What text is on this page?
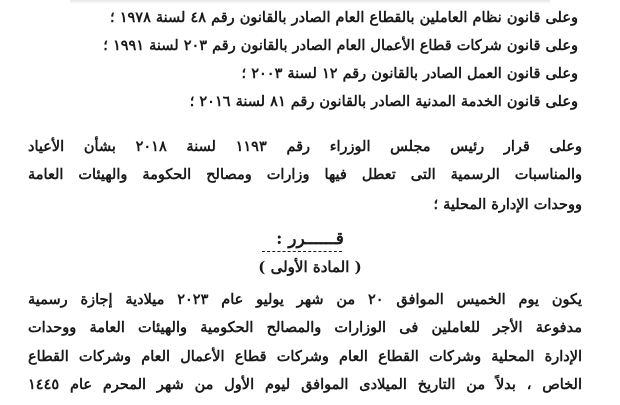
وعلى قانون نظام العاملين بالقطاع العام الصادر بالقانون رقم ٤٨ لسنة ١٩٧٨ ؛
وعلى قانون شركات قطاع الأعمال العام الصادر بالقانون رقم ٢٠٣ لسنة ١٩٩١ ؛
وعلى قانون العمل الصادر بالقانون رقم ١٢ لسنة ٢٠٠٣ ؛
وعلى قانون الخدمة المدنية الصادر بالقانون رقم ٨١ لسنة ٢٠١٦ ؛
وعلى قرار رئيس مجلس الوزراء رقم ١١٩٣ لسنة ٢٠١٨ بشأن الأعياد
والمناسبات الرسمية التى تعطل فيها وزارات ومصالح الحكومة والهيئات العامة
ووحدات الإدارة المحلية ؛
قــــــرر :
( المادة الأولى )
يكون يوم الخميس الموافق ٢٠ من شهر يوليو عام ٢٠٢٣ ميلادية إجازة رسمية
مدفوعة الأجر للعاملين فى الوزارات والمصالح الحكومية والهيئات العامة ووحدات
الإدارة المحلية وشركات القطاع العام وشركات قطاع الأعمال العام وشركات القطاع
الخاص ، بدلاً من التاريخ الميلادى الموافق ليوم الأول من شهر المحرم عام ١٤٤٥
